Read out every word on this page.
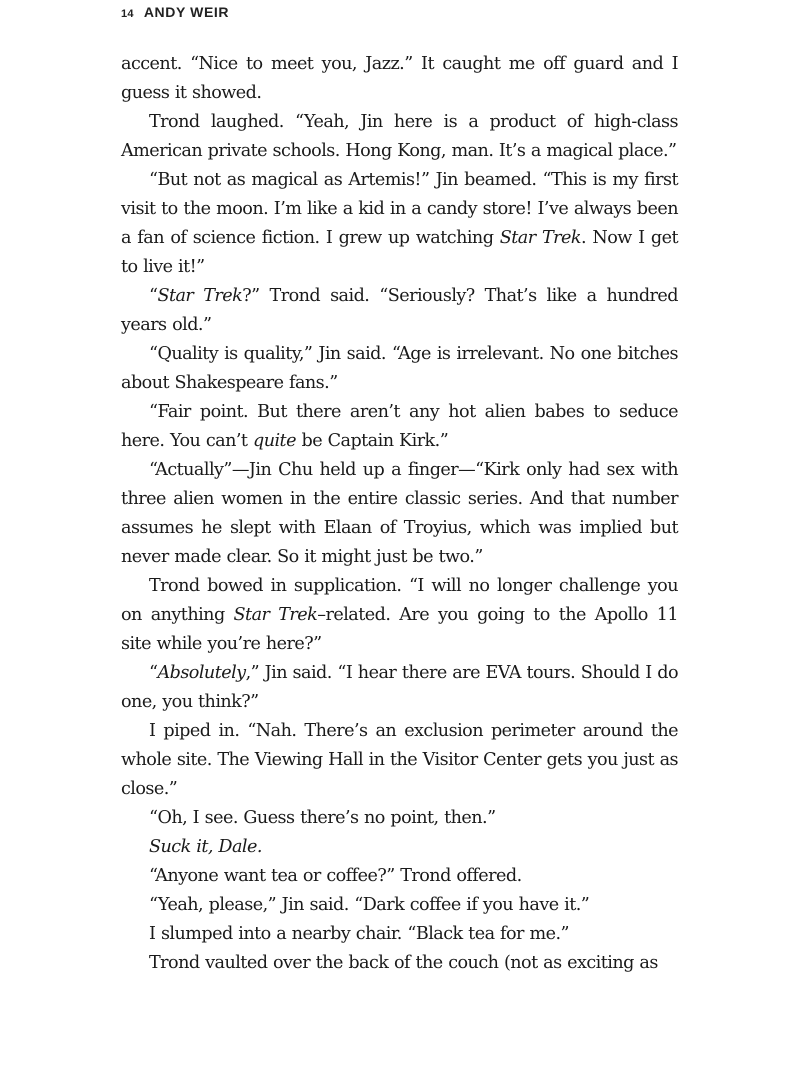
14 ANDY WEIR

accent. “Nice to meet you, Jazz.” It caught me off guard and I guess it showed.

Trond laughed. “Yeah, Jin here is a product of high-class American private schools. Hong Kong, man. It’s a magical place.”

“But not as magical as Artemis!” Jin beamed. “This is my first visit to the moon. I’m like a kid in a candy store! I’ve always been a fan of science fiction. I grew up watching Star Trek. Now I get to live it!”

“Star Trek?” Trond said. “Seriously? That’s like a hundred years old.”

“Quality is quality,” Jin said. “Age is irrelevant. No one bitches about Shakespeare fans.”

“Fair point. But there aren’t any hot alien babes to seduce here. You can’t quite be Captain Kirk.”

“Actually”—Jin Chu held up a finger—“Kirk only had sex with three alien women in the entire classic series. And that number assumes he slept with Elaan of Troyius, which was implied but never made clear. So it might just be two.”

Trond bowed in supplication. “I will no longer challenge you on anything Star Trek–related. Are you going to the Apollo 11 site while you’re here?”

“Absolutely,” Jin said. “I hear there are EVA tours. Should I do one, you think?”

I piped in. “Nah. There’s an exclusion perimeter around the whole site. The Viewing Hall in the Visitor Center gets you just as close.”

“Oh, I see. Guess there’s no point, then.”

Suck it, Dale.

“Anyone want tea or coffee?” Trond offered.

“Yeah, please,” Jin said. “Dark coffee if you have it.”

I slumped into a nearby chair. “Black tea for me.”

Trond vaulted over the back of the couch (not as exciting as
